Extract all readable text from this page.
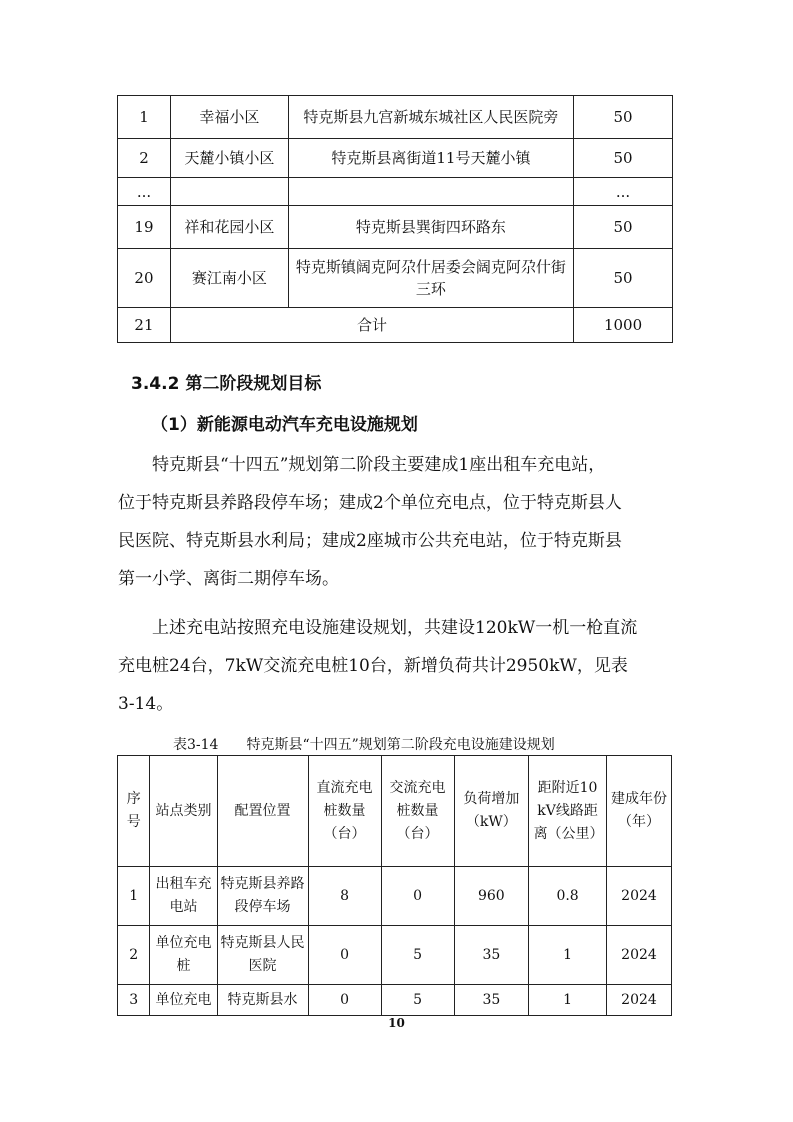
1	幸福小区	特克斯县九宫新城东城社区人民医院旁	50
2	天麓小镇小区	特克斯县离街道11号天麓小镇	50
...			...
19	祥和花园小区	特克斯县巽街四环路东	50
20	赛江南小区	特克斯镇阔克阿尕什居委会阔克阿尕什街三环	50
21	合计		1000
3.4.2 第二阶段规划目标
（1）新能源电动汽车充电设施规划
特克斯县“十四五”规划第二阶段主要建成1座出租车充电站，
位于特克斯县养路段停车场；建成2个单位充电点，位于特克斯县人
民医院、特克斯县水利局；建成2座城市公共充电站，位于特克斯县
第一小学、离街二期停车场。
上述充电站按照充电设施建设规划，共建设120kW一机一枪直流
充电桩24台，7kW交流充电桩10台，新增负荷共计2950kW，见表
3-14。
表3-14 特克斯县“十四五”规划第二阶段充电设施建设规划
序号	站点类别	配置位置	直流充电桩数量（台）	交流充电桩数量（台）	负荷增加（kW）	距附近10kV线路距离（公里）	建成年份（年）
1	出租车充电站	特克斯县养路段停车场	8	0	960	0.8	2024
2	单位充电桩	特克斯县人民医院	0	5	35	1	2024
3	单位充电	特克斯县水	0	5	35	1	2024
10
